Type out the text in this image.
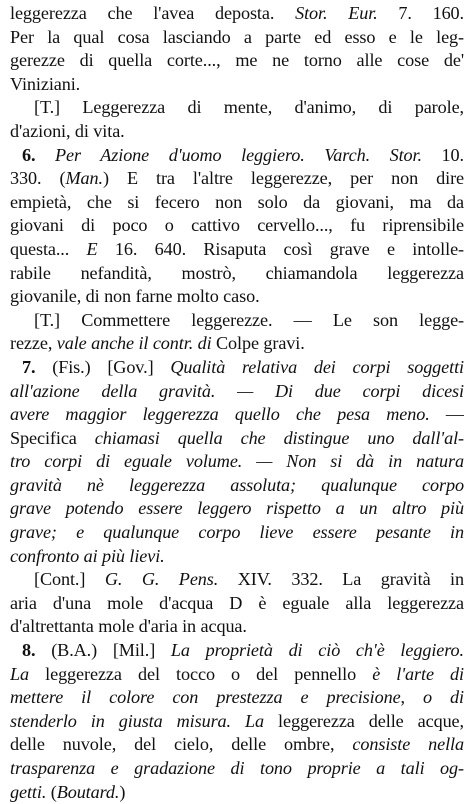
leggerezza che l'avea deposta. Stor. Eur. 7. 160.
Per la qual cosa lasciando a parte ed esso e le leg-
gerezze di quella corte..., me ne torno alle cose de'
Viniziani.
[T.] Leggerezza di mente, d'animo, di parole,
d'azioni, di vita.
6. Per Azione d'uomo leggiero. Varch. Stor. 10.
330. (Man.) E tra l'altre leggerezze, per non dire
empietà, che si fecero non solo da giovani, ma da
giovani di poco o cattivo cervello..., fu riprensibile
questa... E 16. 640. Risaputa così grave e intolle-
rabile nefandità, mostrò, chiamandola leggerezza
giovanile, di non farne molto caso.
[T.] Commettere leggerezze. — Le son legge-
rezze, vale anche il contr. di Colpe gravi.
7. (Fis.) [Gov.] Qualità relativa dei corpi soggetti
all'azione della gravità. — Di due corpi dicesi
avere maggior leggerezza quello che pesa meno. —
Specifica chiamasi quella che distingue uno dall'al-
tro corpi di eguale volume. — Non si dà in natura
gravità nè leggerezza assoluta; qualunque corpo
grave potendo essere leggero rispetto a un altro più
grave; e qualunque corpo lieve essere pesante in
confronto ai più lievi.
[Cont.] G. G. Pens. XIV. 332. La gravità in
aria d'una mole d'acqua D è eguale alla leggerezza
d'altrettanta mole d'aria in acqua.
8. (B.A.) [Mil.] La proprietà di ciò ch'è leggiero.
La leggerezza del tocco o del pennello è l'arte di
mettere il colore con prestezza e precisione, o di
stenderlo in giusta misura. La leggerezza delle acque,
delle nuvole, del cielo, delle ombre, consiste nella
trasparenza e gradazione di tono proprie a tali og-
getti. (Boutard.)
